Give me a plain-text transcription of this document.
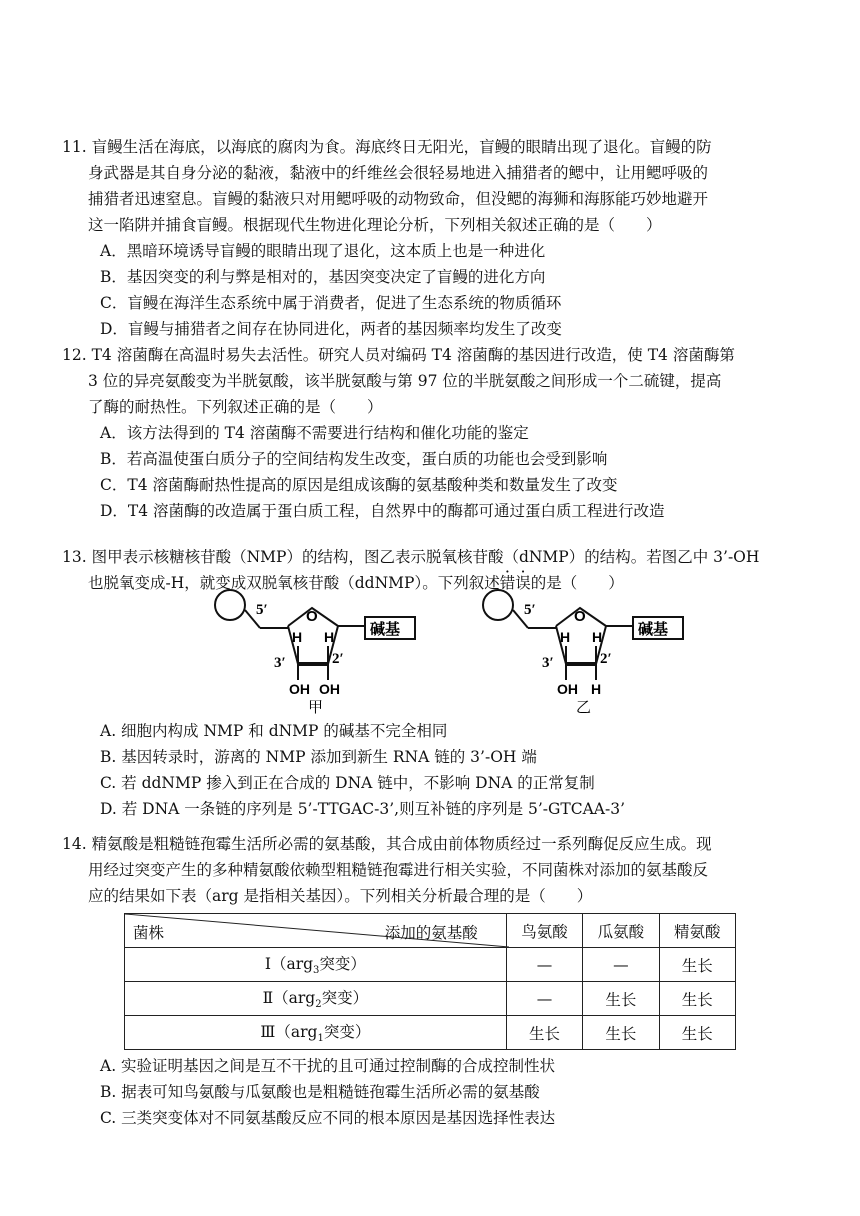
11. 盲鳗生活在海底，以海底的腐肉为食。海底终日无阳光，盲鳗的眼睛出现了退化。盲鳗的防
身武器是其自身分泌的黏液，黏液中的纤维丝会很轻易地进入捕猎者的鳃中，让用鳃呼吸的
捕猎者迅速窒息。盲鳗的黏液只对用鳃呼吸的动物致命，但没鳃的海狮和海豚能巧妙地避开
这一陷阱并捕食盲鳗。根据现代生物进化理论分析，下列相关叙述正确的是（　　）
A．黑暗环境诱导盲鳗的眼睛出现了退化，这本质上也是一种进化
B．基因突变的利与弊是相对的，基因突变决定了盲鳗的进化方向
C．盲鳗在海洋生态系统中属于消费者，促进了生态系统的物质循环
D．盲鳗与捕猎者之间存在协同进化，两者的基因频率均发生了改变
12. T4 溶菌酶在高温时易失去活性。研究人员对编码 T4 溶菌酶的基因进行改造，使 T4 溶菌酶第
3 位的异亮氨酸变为半胱氨酸，该半胱氨酸与第 97 位的半胱氨酸之间形成一个二硫键，提高
了酶的耐热性。下列叙述正确的是（　　）
A．该方法得到的 T4 溶菌酶不需要进行结构和催化功能的鉴定
B．若高温使蛋白质分子的空间结构发生改变，蛋白质的功能也会受到影响
C．T4 溶菌酶耐热性提高的原因是组成该酶的氨基酸种类和数量发生了改变
D．T4 溶菌酶的改造属于蛋白质工程，自然界中的酶都可通过蛋白质工程进行改造
13. 图甲表示核糖核苷酸（NMP）的结构，图乙表示脱氧核苷酸（dNMP）的结构。若图乙中 3’-OH
也脱氧变成-H，就变成双脱氧核苷酸（ddNMP）。下列叙述错误的是（　　）
5′	O
碱基
H H
3′	2′
OH OH
甲
5′	O
碱基
H H
3′	2′
OH H
乙
A. 细胞内构成 NMP 和 dNMP 的碱基不完全相同
B. 基因转录时，游离的 NMP 添加到新生 RNA 链的 3’-OH 端
C. 若 ddNMP 掺入到正在合成的 DNA 链中，不影响 DNA 的正常复制
D. 若 DNA 一条链的序列是 5’-TTGAC-3’,则互补链的序列是 5’-GTCAA-3’
14. 精氨酸是粗糙链孢霉生活所必需的氨基酸，其合成由前体物质经过一系列酶促反应生成。现
用经过突变产生的多种精氨酸依赖型粗糙链孢霉进行相关实验，不同菌株对添加的氨基酸反
应的结果如下表（arg 是指相关基因）。下列相关分析最合理的是（　　）
菌株 添加的氨基酸	鸟氨酸	瓜氨酸	精氨酸
Ⅰ（arg$_3$突变）	—	—	生长
Ⅱ（arg$_2$突变）	—	生长	生长
Ⅲ（arg$_1$突变）	生长	生长	生长
A. 实验证明基因之间是互不干扰的且可通过控制酶的合成控制性状
B. 据表可知鸟氨酸与瓜氨酸也是粗糙链孢霉生活所必需的氨基酸
C. 三类突变体对不同氨基酸反应不同的根本原因是基因选择性表达
